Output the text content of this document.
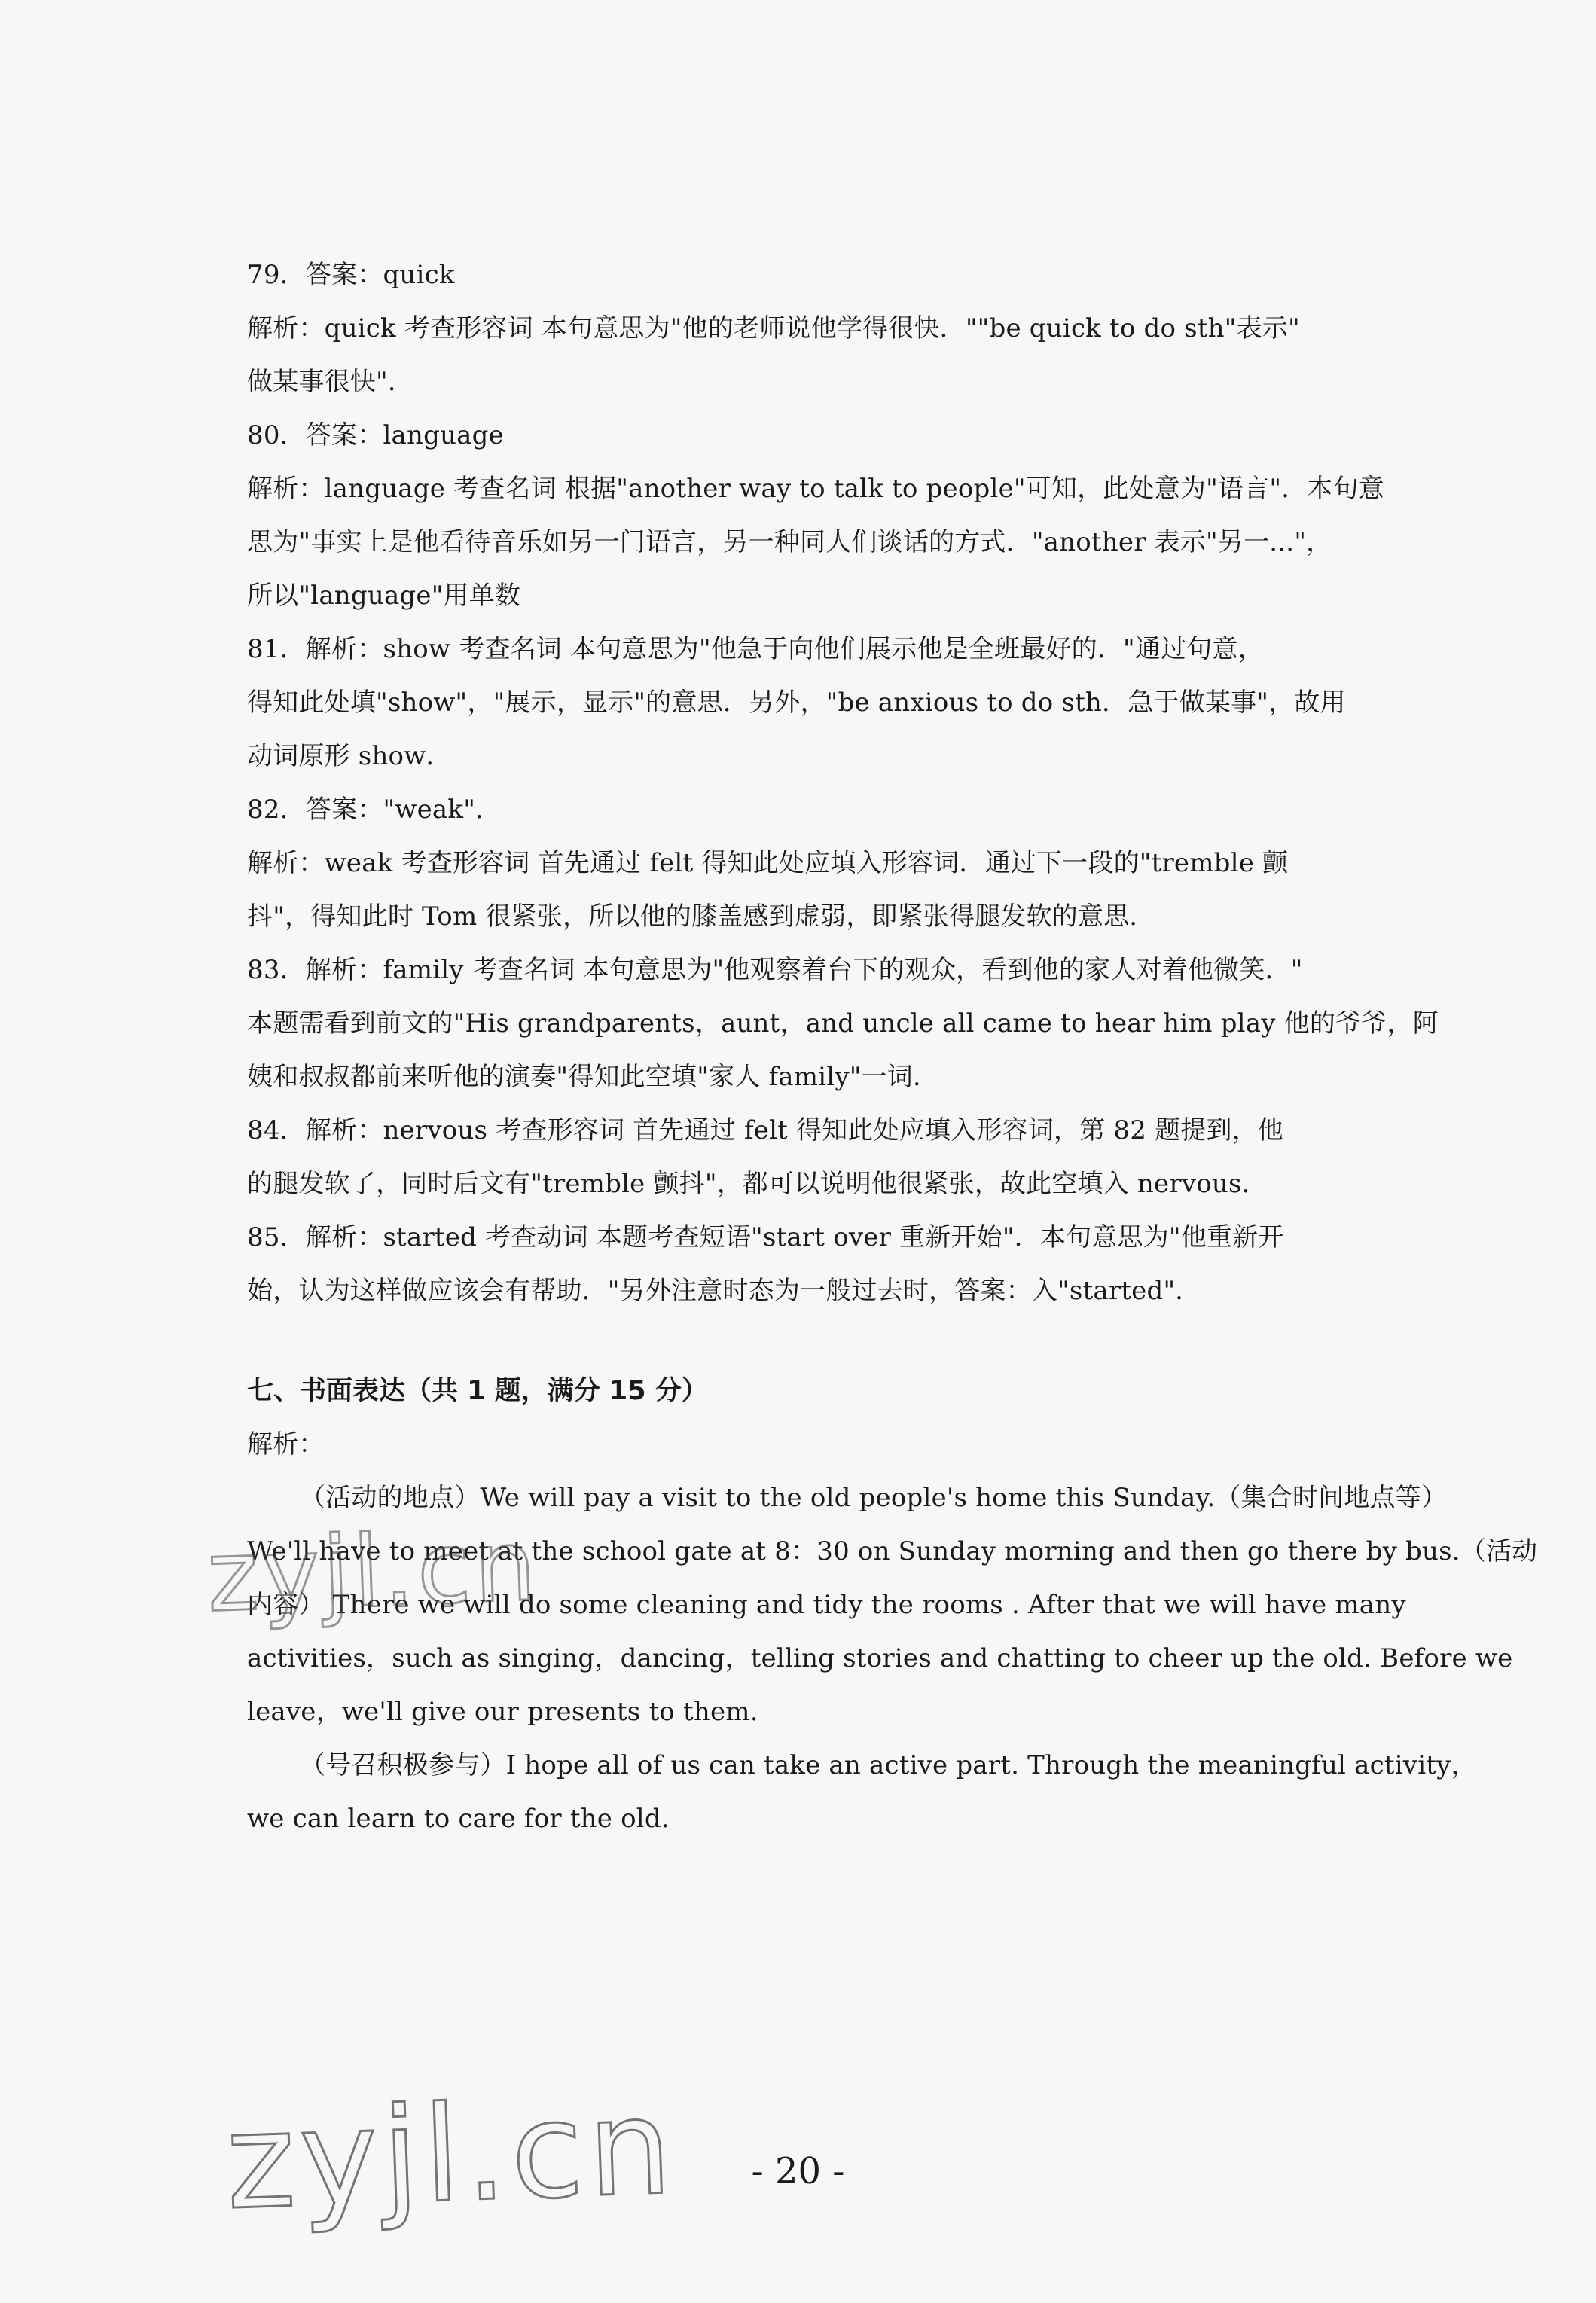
79．答案：quick
解析：quick 考查形容词 本句意思为"他的老师说他学得很快．""be quick to do sth"表示"
做某事很快"．
80．答案：language
解析：language 考查名词 根据"another way to talk to people"可知，此处意为"语言"．本句意
思为"事实上是他看待音乐如另一门语言，另一种同人们谈话的方式．"another 表示"另一..."，
所以"language"用单数
81．解析：show 考查名词 本句意思为"他急于向他们展示他是全班最好的．"通过句意，
得知此处填"show"，"展示，显示"的意思．另外，"be anxious to do sth．急于做某事"，故用
动词原形 show．
82．答案："weak"．
解析：weak 考查形容词 首先通过 felt 得知此处应填入形容词．通过下一段的"tremble 颤
抖"，得知此时 Tom 很紧张，所以他的膝盖感到虚弱，即紧张得腿发软的意思．
83．解析：family 考查名词 本句意思为"他观察着台下的观众，看到他的家人对着他微笑．"
本题需看到前文的"His grandparents，aunt，and uncle all came to hear him play 他的爷爷，阿
姨和叔叔都前来听他的演奏"得知此空填"家人 family"一词．
84．解析：nervous 考查形容词 首先通过 felt 得知此处应填入形容词，第 82 题提到，他
的腿发软了，同时后文有"tremble 颤抖"，都可以说明他很紧张，故此空填入 nervous．
85．解析：started 考查动词 本题考查短语"start over 重新开始"．本句意思为"他重新开
始，认为这样做应该会有帮助．"另外注意时态为一般过去时，答案：入"started"．
七、书面表达（共 1 题，满分 15 分）
解析：
（活动的地点）We will pay a visit to the old people's home this Sunday.（集合时间地点等）
We'll have to meet at the school gate at 8：30 on Sunday morning and then go there by bus.（活动
内容） There we will do some cleaning and tidy the rooms . After that we will have many
activities，such as singing，dancing，telling stories and chatting to cheer up the old. Before we
leave，we'll give our presents to them.
（号召积极参与）I hope all of us can take an active part. Through the meaningful activity，
we can learn to care for the old.
zyjl.cn
zyjl.cn	- 20 -
